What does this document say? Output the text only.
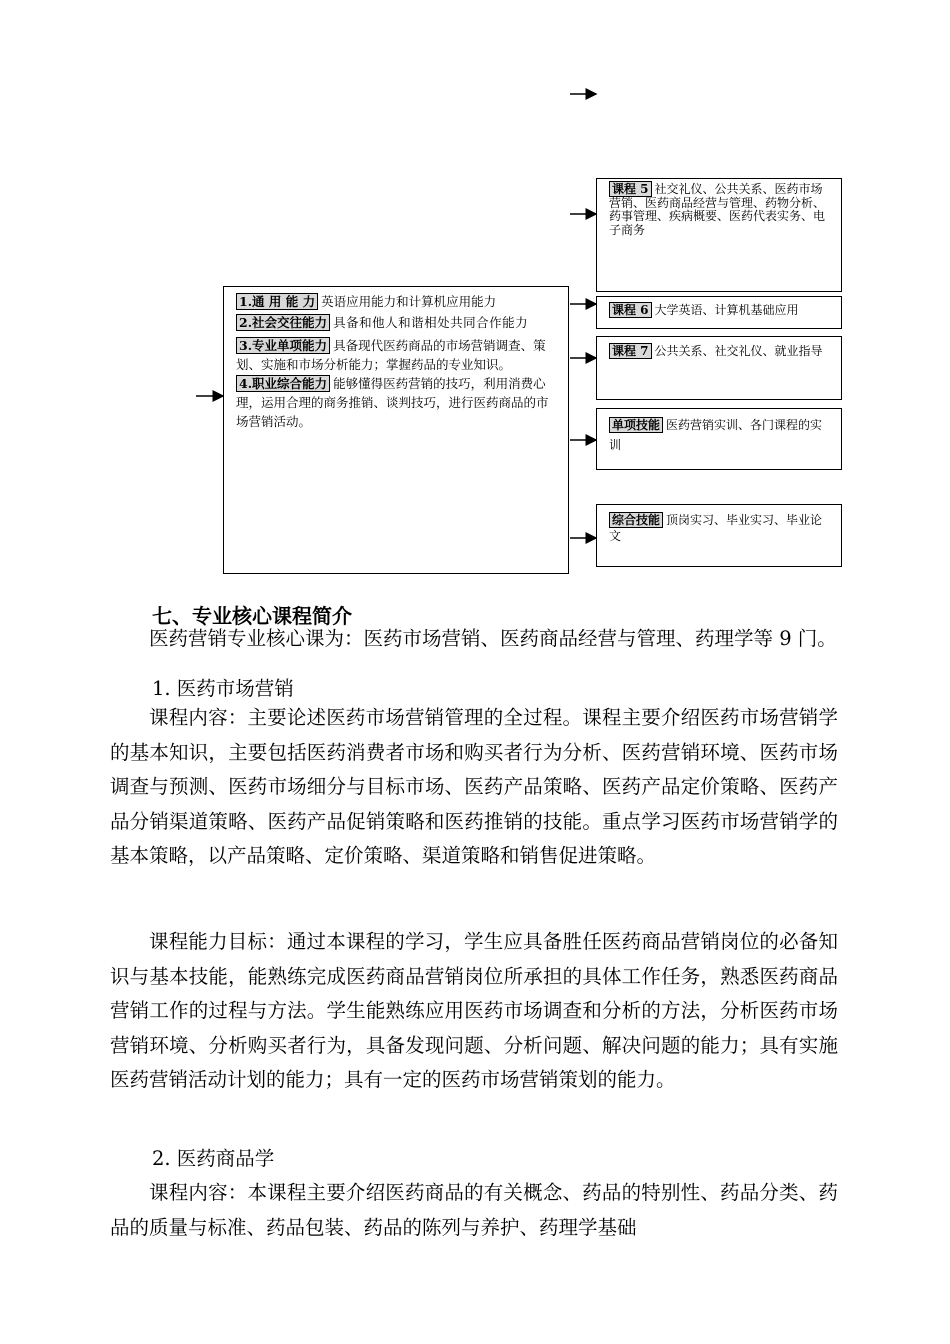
1.通 用 能 力 英语应用能力和计算机应用能力
2.社会交往能力 具备和他人和谐相处共同合作能力
3.专业单项能力 具备现代医药商品的市场营销调查、策划、实施和市场分析能力；掌握药品的专业知识。
4.职业综合能力 能够懂得医药营销的技巧，利用消费心理，运用合理的商务推销、谈判技巧，进行医药商品的市场营销活动。
课程 5 社交礼仪、公共关系、医药市场营销、医药商品经营与管理、药物分析、药事管理、疾病概要、医药代表实务、电子商务
课程 6 大学英语、计算机基础应用
课程 7 公共关系、社交礼仪、就业指导
单项技能 医药营销实训、各门课程的实训
综合技能 顶岗实习、毕业实习、毕业论文
七、专业核心课程简介
医药营销专业核心课为：医药市场营销、医药商品经营与管理、药理学等 9 门。
1. 医药市场营销
课程内容：主要论述医药市场营销管理的全过程。课程主要介绍医药市场营销学的基本知识，主要包括医药消费者市场和购买者行为分析、医药营销环境、医药市场调查与预测、医药市场细分与目标市场、医药产品策略、医药产品定价策略、医药产品分销渠道策略、医药产品促销策略和医药推销的技能。重点学习医药市场营销学的基本策略，以产品策略、定价策略、渠道策略和销售促进策略。
课程能力目标：通过本课程的学习，学生应具备胜任医药商品营销岗位的必备知识与基本技能，能熟练完成医药商品营销岗位所承担的具体工作任务，熟悉医药商品营销工作的过程与方法。学生能熟练应用医药市场调查和分析的方法，分析医药市场营销环境、分析购买者行为，具备发现问题、分析问题、解决问题的能力；具有实施医药营销活动计划的能力；具有一定的医药市场营销策划的能力。
2. 医药商品学
课程内容：本课程主要介绍医药商品的有关概念、药品的特别性、药品分类、药品的质量与标准、药品包装、药品的陈列与养护、药理学基础
